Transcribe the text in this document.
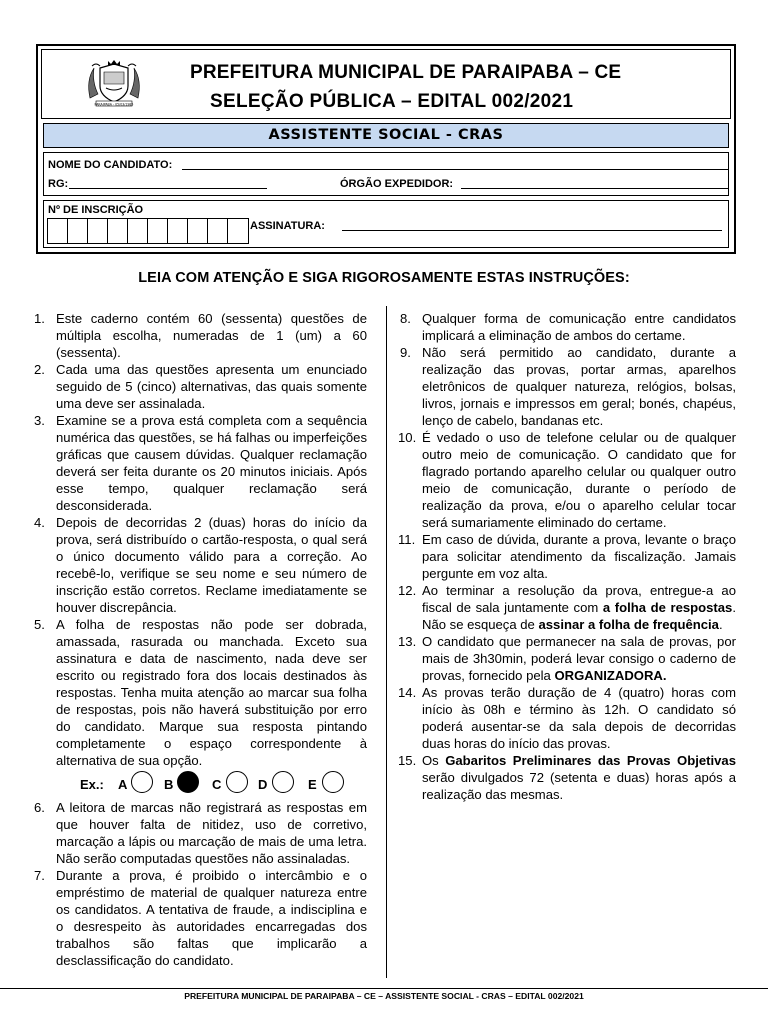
PARAIPABA - 05/03/1985
PREFEITURA MUNICIPAL DE PARAIPABA – CE
SELEÇÃO PÚBLICA – EDITAL 002/2021
ASSISTENTE SOCIAL - CRAS
NOME DO CANDIDATO:
RG:	ÓRGÃO EXPEDIDOR:
Nº DE INSCRIÇÃO
ASSINATURA:
LEIA COM ATENÇÃO E SIGA RIGOROSAMENTE ESTAS INSTRUÇÕES:
1. Este caderno contém 60 (sessenta) questões de múltipla escolha, numeradas de 1 (um) a 60 (sessenta).
2. Cada uma das questões apresenta um enunciado seguido de 5 (cinco) alternativas, das quais somente uma deve ser assinalada.
3. Examine se a prova está completa com a sequência numérica das questões, se há falhas ou imperfeições gráficas que causem dúvidas. Qualquer reclamação deverá ser feita durante os 20 minutos iniciais. Após esse tempo, qualquer reclamação será desconsiderada.
4. Depois de decorridas 2 (duas) horas do início da prova, será distribuído o cartão-resposta, o qual será o único documento válido para a correção. Ao recebê-lo, verifique se seu nome e seu número de inscrição estão corretos. Reclame imediatamente se houver discrepância.
5. A folha de respostas não pode ser dobrada, amassada, rasurada ou manchada. Exceto sua assinatura e data de nascimento, nada deve ser escrito ou registrado fora dos locais destinados às respostas. Tenha muita atenção ao marcar sua folha de respostas, pois não haverá substituição por erro do candidato. Marque sua resposta pintando completamente o espaço correspondente à alternativa de sua opção.
Ex.: A	B	C	D	E
6. A leitora de marcas não registrará as respostas em que houver falta de nitidez, uso de corretivo, marcação a lápis ou marcação de mais de uma letra. Não serão computadas questões não assinaladas.
7. Durante a prova, é proibido o intercâmbio e o empréstimo de material de qualquer natureza entre os candidatos. A tentativa de fraude, a indisciplina e o desrespeito às autoridades encarregadas dos trabalhos são faltas que implicarão a desclassificação do candidato.
8. Qualquer forma de comunicação entre candidatos implicará a eliminação de ambos do certame.
9. Não será permitido ao candidato, durante a realização das provas, portar armas, aparelhos eletrônicos de qualquer natureza, relógios, bolsas, livros, jornais e impressos em geral; bonés, chapéus, lenço de cabelo, bandanas etc.
10. É vedado o uso de telefone celular ou de qualquer outro meio de comunicação. O candidato que for flagrado portando aparelho celular ou qualquer outro meio de comunicação, durante o período de realização da prova, e/ou o aparelho celular tocar será sumariamente eliminado do certame.
11. Em caso de dúvida, durante a prova, levante o braço para solicitar atendimento da fiscalização. Jamais pergunte em voz alta.
12. Ao terminar a resolução da prova, entregue-a ao fiscal de sala juntamente com a folha de respostas. Não se esqueça de assinar a folha de frequência.
13. O candidato que permanecer na sala de provas, por mais de 3h30min, poderá levar consigo o caderno de provas, fornecido pela ORGANIZADORA.
14. As provas terão duração de 4 (quatro) horas com início às 08h e término às 12h. O candidato só poderá ausentar-se da sala depois de decorridas duas horas do início das provas.
15. Os Gabaritos Preliminares das Provas Objetivas serão divulgados 72 (setenta e duas) horas após a realização das mesmas.
PREFEITURA MUNICIPAL DE PARAIPABA – CE – ASSISTENTE SOCIAL - CRAS – EDITAL 002/2021
